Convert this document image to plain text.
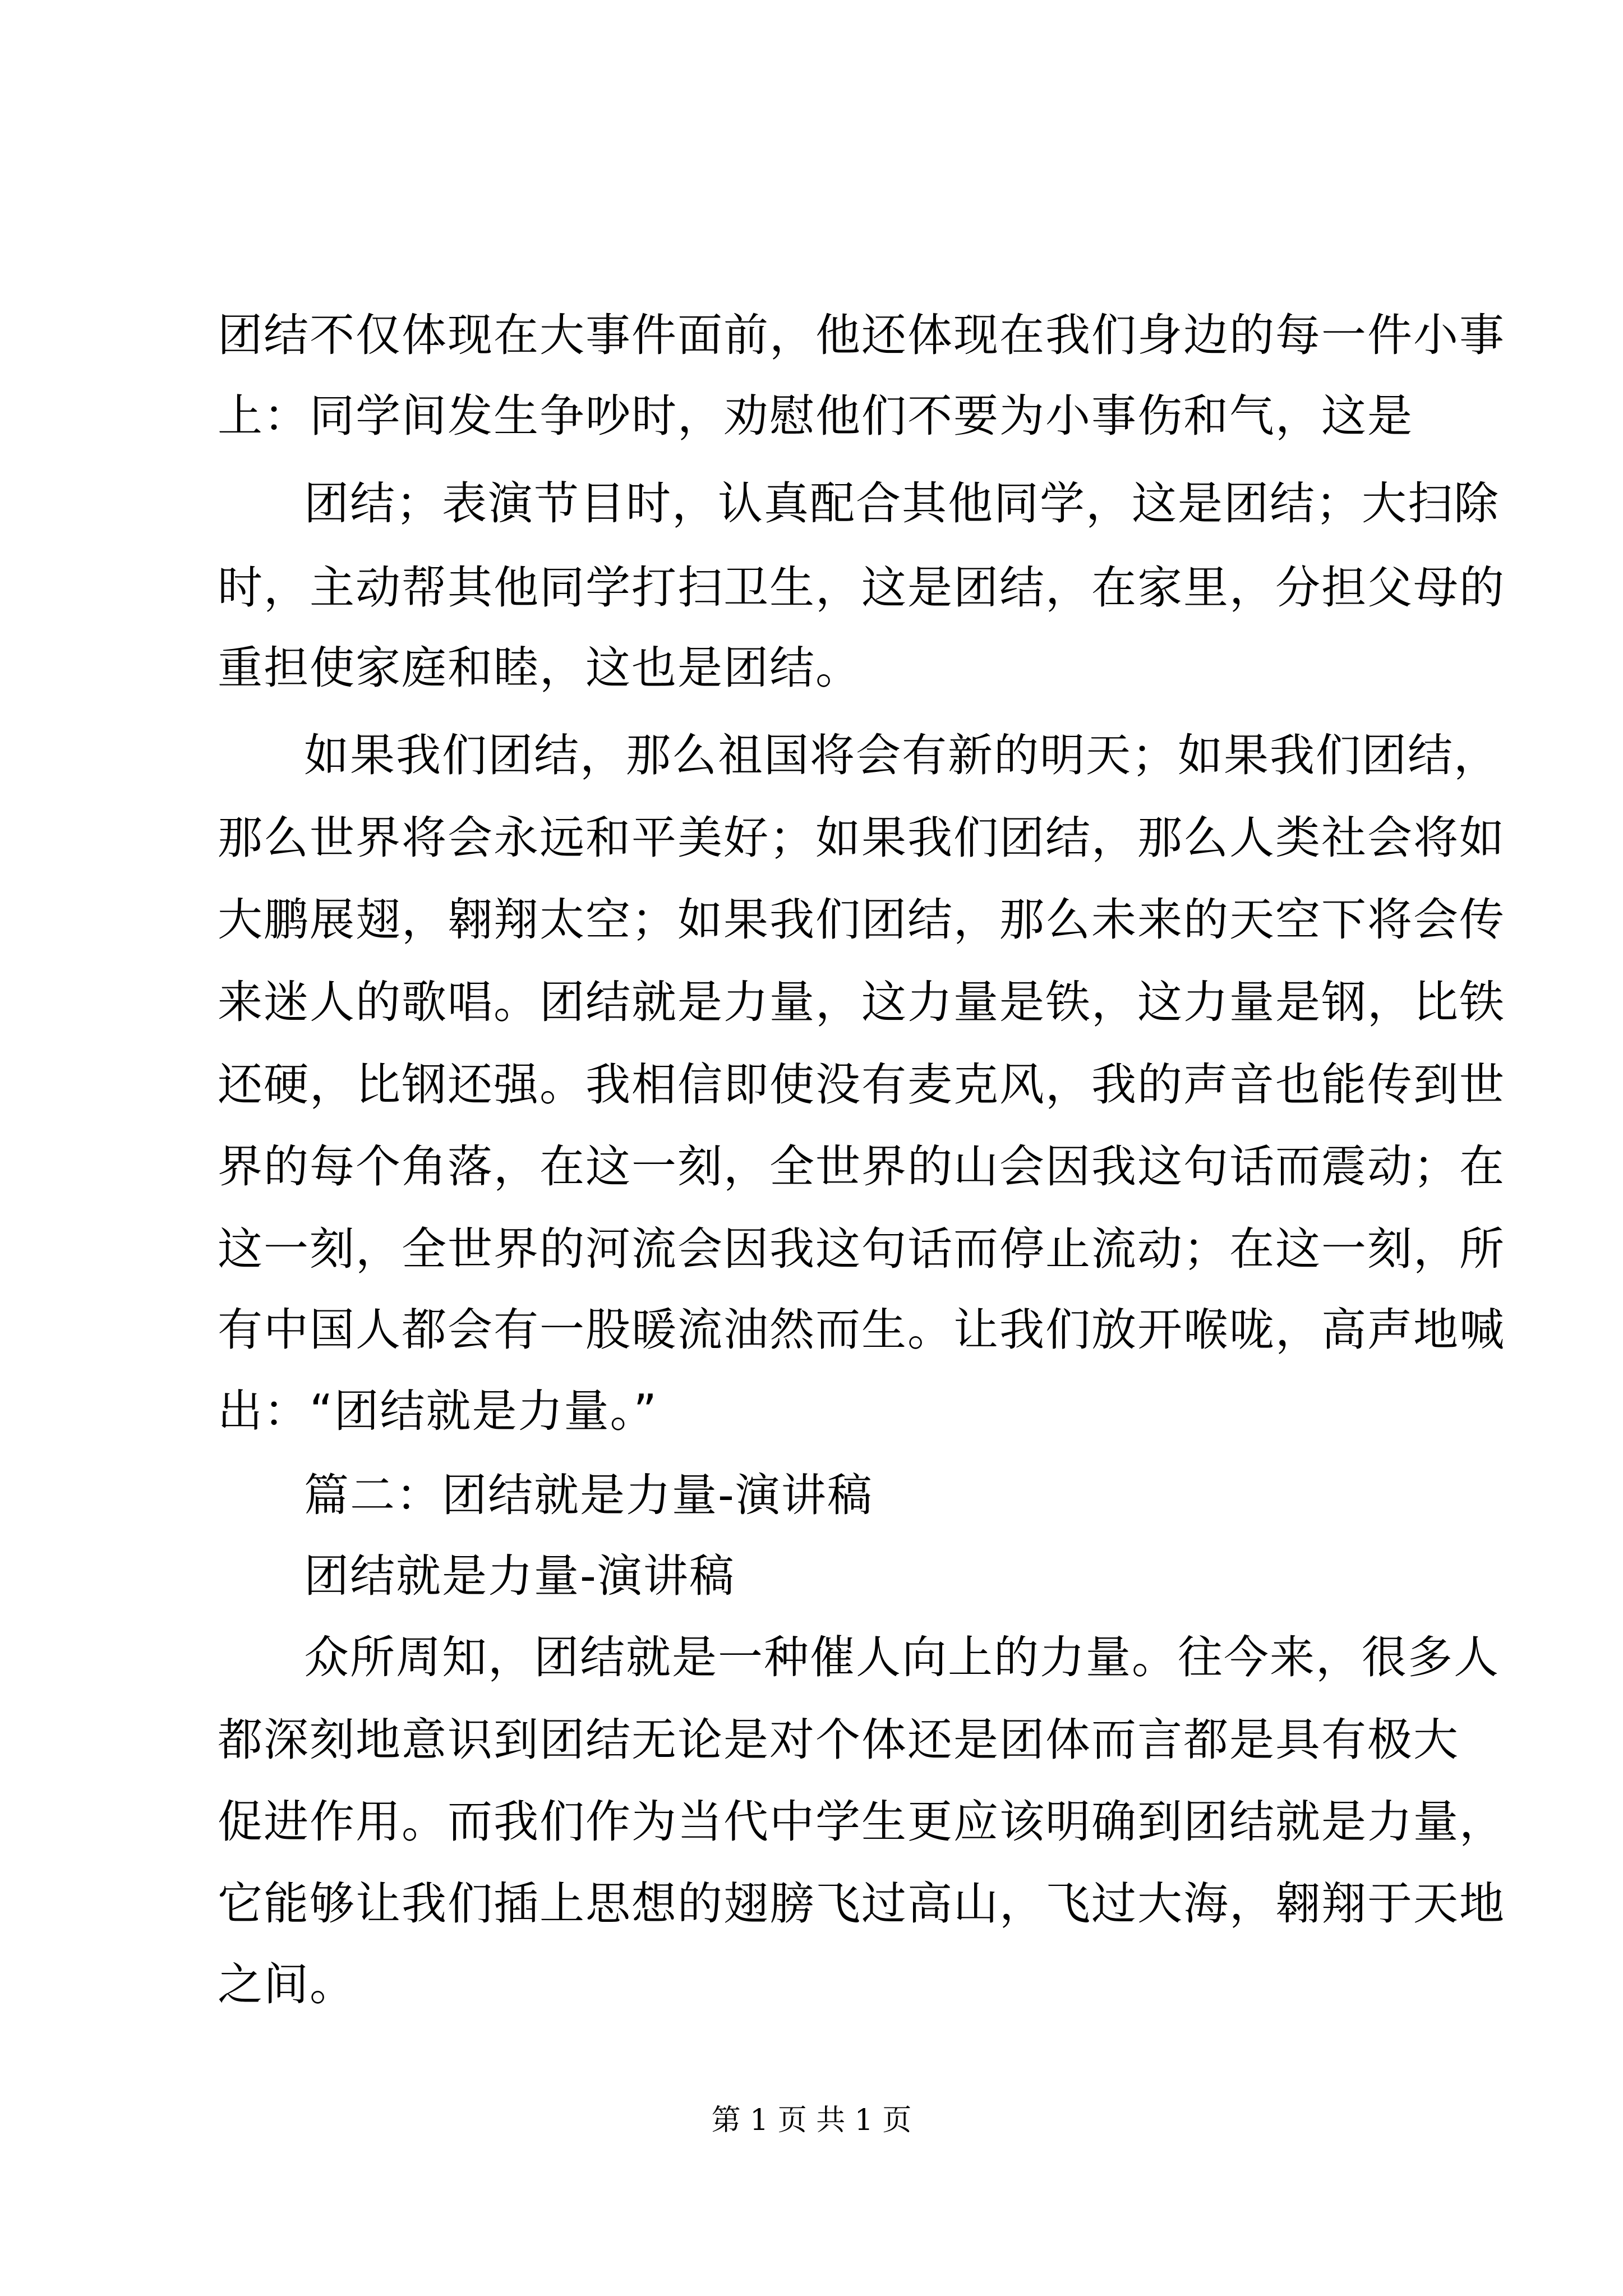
团结不仅体现在大事件面前，他还体现在我们身边的每一件小事
上：同学间发生争吵时，劝慰他们不要为小事伤和气，这是
团结；表演节目时，认真配合其他同学，这是团结；大扫除
时，主动帮其他同学打扫卫生，这是团结，在家里，分担父母的
重担使家庭和睦，这也是团结。
如果我们团结，那么祖国将会有新的明天；如果我们团结，
那么世界将会永远和平美好；如果我们团结，那么人类社会将如
大鹏展翅，翱翔太空；如果我们团结，那么未来的天空下将会传
来迷人的歌唱。团结就是力量，这力量是铁，这力量是钢，比铁
还硬，比钢还强。我相信即使没有麦克风，我的声音也能传到世
界的每个角落，在这一刻，全世界的山会因我这句话而震动；在
这一刻，全世界的河流会因我这句话而停止流动；在这一刻，所
有中国人都会有一股暖流油然而生。让我们放开喉咙，高声地喊
出：“团结就是力量。”
篇二：团结就是力量-演讲稿
团结就是力量-演讲稿
众所周知，团结就是一种催人向上的力量。往今来，很多人
都深刻地意识到团结无论是对个体还是团体而言都是具有极大
促进作用。而我们作为当代中学生更应该明确到团结就是力量，
它能够让我们插上思想的翅膀飞过高山，飞过大海，翱翔于天地
之间。
第 1 页 共 1 页
